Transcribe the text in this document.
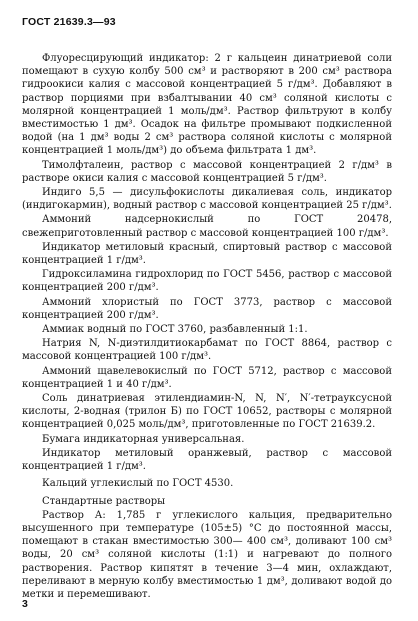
ГОСТ 21639.3—93

Флуоресцирующий индикатор: 2 г кальцеин динатриевой соли помещают в сухую колбу 500 см³ и растворяют в 200 см³ раствора гидроокиси калия с массовой концентрацией 5 г/дм³. Добавляют в раствор порциями при взбалтывании 40 см³ соляной кислоты с молярной концентрацией 1 моль/дм³. Раствор фильтруют в колбу вместимостью 1 дм³. Осадок на фильтре промывают подкисленной водой (на 1 дм³ воды 2 см³ раствора соляной кислоты с молярной концентрацией 1 моль/дм³) до объема фильтрата 1 дм³.

Тимолфталеин, раствор с массовой концентрацией 2 г/дм³ в растворе окиси калия с массовой концентрацией 5 г/дм³.

Индиго 5,5 — дисульфокислоты дикалиевая соль, индикатор (индигокармин), водный раствор с массовой концентрацией 25 г/дм³.

Аммоний надсернокислый по ГОСТ 20478, свежеприготовленный раствор с массовой концентрацией 100 г/дм³.

Индикатор метиловый красный, спиртовый раствор с массовой концентрацией 1 г/дм³.

Гидроксиламина гидрохлорид по ГОСТ 5456, раствор с массовой концентрацией 200 г/дм³.

Аммоний хлористый по ГОСТ 3773, раствор с массовой концентрацией 200 г/дм³.

Аммиак водный по ГОСТ 3760, разбавленный 1:1.

Натрия N, N-диэтилдитиокарбамат по ГОСТ 8864, раствор с массовой концентрацией 100 г/дм³.

Аммоний щавелевокислый по ГОСТ 5712, раствор с массовой концентрацией 1 и 40 г/дм³.

Соль динатриевая этилендиамин-N, N, N′, N′-тетрауксусной кислоты, 2-водная (трилон Б) по ГОСТ 10652, растворы с молярной концентрацией 0,025 моль/дм³, приготовленные по ГОСТ 21639.2.

Бумага индикаторная универсальная.

Индикатор метиловый оранжевый, раствор с массовой концентрацией 1 г/дм³.

Кальций углекислый по ГОСТ 4530.

Стандартные растворы

Раствор А: 1,785 г углекислого кальция, предварительно высушенного при температуре (105±5) °С до постоянной массы, помещают в стакан вместимостью 300— 400 см³, доливают 100 см³ воды, 20 см³ соляной кислоты (1:1) и нагревают до полного растворения. Раствор кипятят в течение 3—4 мин, охлаждают, переливают в мерную колбу вместимостью 1 дм³, доливают водой до метки и перемешивают.

3
